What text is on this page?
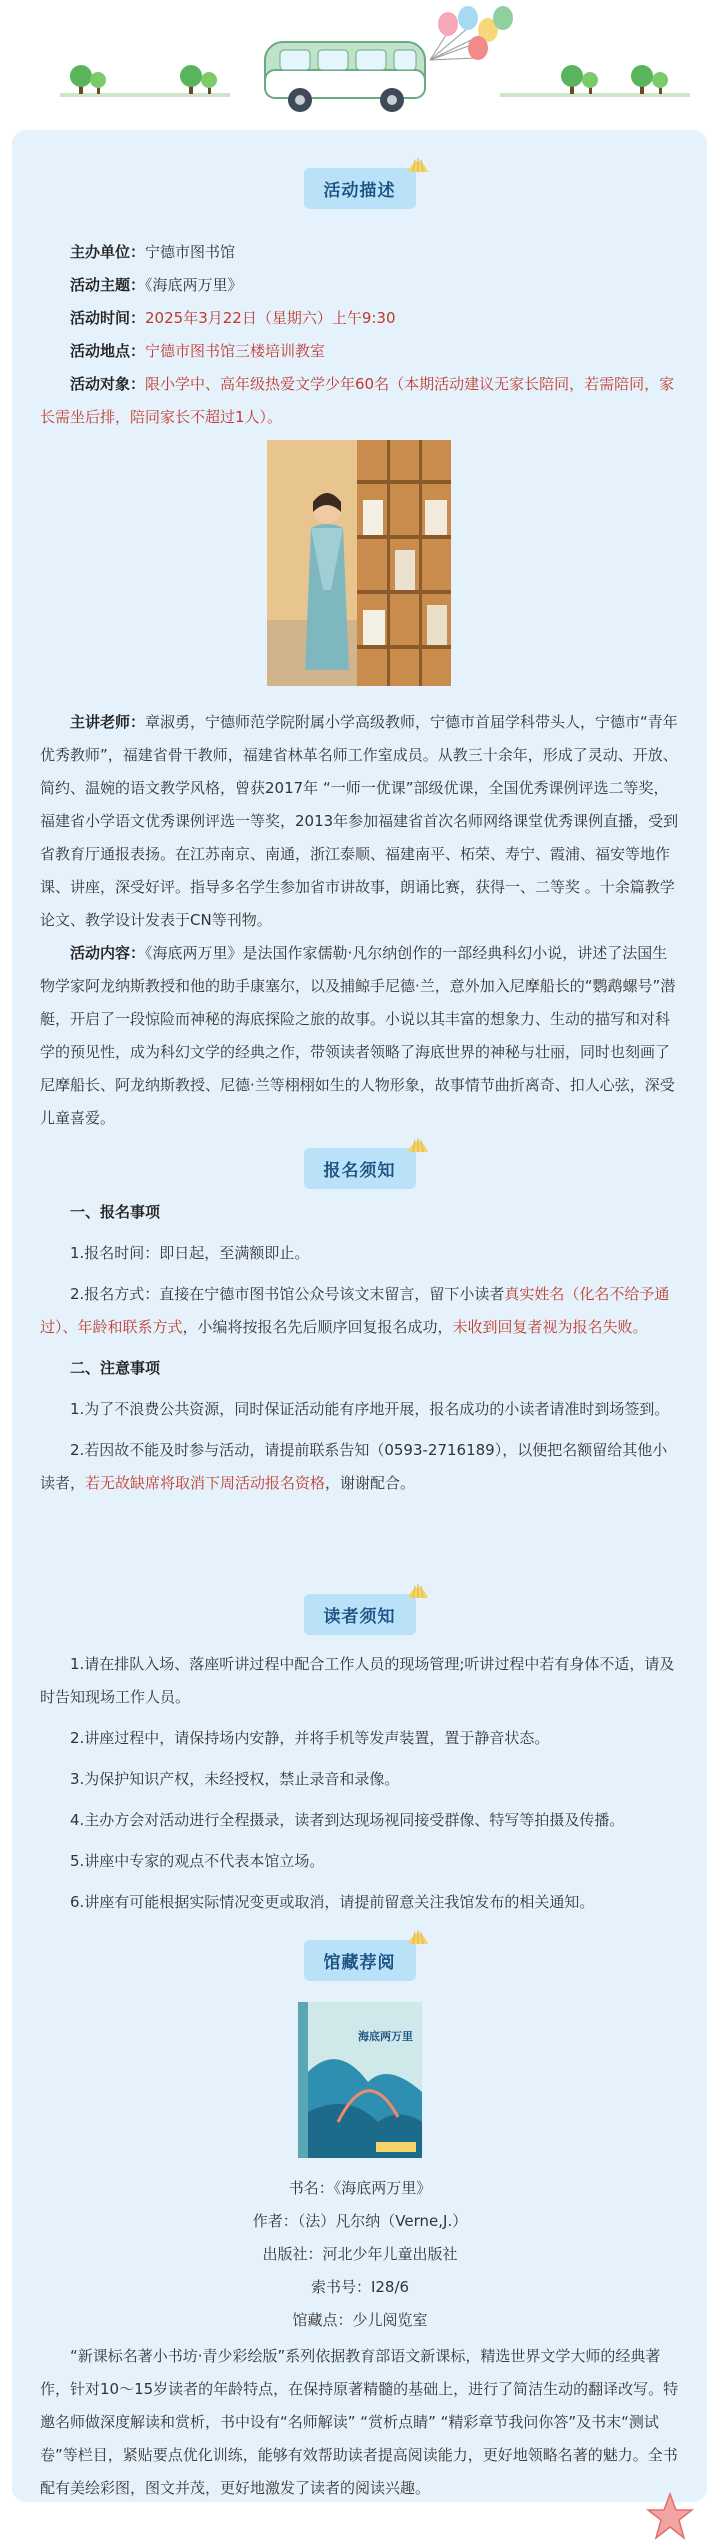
活动描述

主办单位：宁德市图书馆

活动主题：《海底两万里》

活动时间：2025年3月22日（星期六）上午9:30

活动地点：宁德市图书馆三楼培训教室

活动对象：限小学中、高年级热爱文学少年60名（本期活动建议无家长陪同，若需陪同，家长需坐后排，陪同家长不超过1人）。

主讲老师：章淑勇，宁德师范学院附属小学高级教师，宁德市首届学科带头人，宁德市“青年优秀教师”，福建省骨干教师，福建省林革名师工作室成员。从教三十余年，形成了灵动、开放、简约、温婉的语文教学风格，曾获2017年 “一师一优课”部级优课，全国优秀课例评选二等奖，福建省小学语文优秀课例评选一等奖，2013年参加福建省首次名师网络课堂优秀课例直播，受到省教育厅通报表扬。在江苏南京、南通，浙江泰顺、福建南平、柘荣、寿宁、霞浦、福安等地作课、讲座，深受好评。指导多名学生参加省市讲故事，朗诵比赛，获得一、二等奖 。十余篇教学论文、教学设计发表于CN等刊物。

活动内容：《海底两万里》是法国作家儒勒·凡尔纳创作的一部经典科幻小说，讲述了法国生物学家阿龙纳斯教授和他的助手康塞尔，以及捕鲸手尼德·兰，意外加入尼摩船长的“鹦鹉螺号”潜艇，开启了一段惊险而神秘的海底探险之旅的故事。小说以其丰富的想象力、生动的描写和对科学的预见性，成为科幻文学的经典之作，带领读者领略了海底世界的神秘与壮丽，同时也刻画了尼摩船长、阿龙纳斯教授、尼德·兰等栩栩如生的人物形象，故事情节曲折离奇、扣人心弦，深受儿童喜爱。

报名须知

一、报名事项

1.报名时间：即日起，至满额即止。

2.报名方式：直接在宁德市图书馆公众号该文末留言，留下小读者真实姓名（化名不给予通过）、年龄和联系方式，小编将按报名先后顺序回复报名成功，未收到回复者视为报名失败。

二、注意事项

1.为了不浪费公共资源，同时保证活动能有序地开展，报名成功的小读者请准时到场签到。

2.若因故不能及时参与活动，请提前联系告知（0593-2716189），以便把名额留给其他小读者，若无故缺席将取消下周活动报名资格，谢谢配合。

读者须知

1.请在排队入场、落座听讲过程中配合工作人员的现场管理;听讲过程中若有身体不适，请及时告知现场工作人员。

2.讲座过程中，请保持场内安静，并将手机等发声装置，置于静音状态。

3.为保护知识产权，未经授权，禁止录音和录像。

4.主办方会对活动进行全程摄录，读者到达现场视同接受群像、特写等拍摄及传播。

5.讲座中专家的观点不代表本馆立场。

6.讲座有可能根据实际情况变更或取消，请提前留意关注我馆发布的相关通知。

馆藏荐阅
海底两万里

书名：《海底两万里》

作者：（法）凡尔纳（Verne,J.）

出版社：河北少年儿童出版社

索书号：I28/6

馆藏点：少儿阅览室

“新课标名著小书坊·青少彩绘版”系列依据教育部语文新课标，精选世界文学大师的经典著作，针对10～15岁读者的年龄特点，在保持原著精髓的基础上，进行了简洁生动的翻译改写。特邀名师做深度解读和赏析，书中设有“名师解读” “赏析点睛” “精彩章节我问你答”及书末“测试卷”等栏目，紧贴要点优化训练，能够有效帮助读者提高阅读能力，更好地领略名著的魅力。全书配有美绘彩图，图文并茂，更好地激发了读者的阅读兴趣。
